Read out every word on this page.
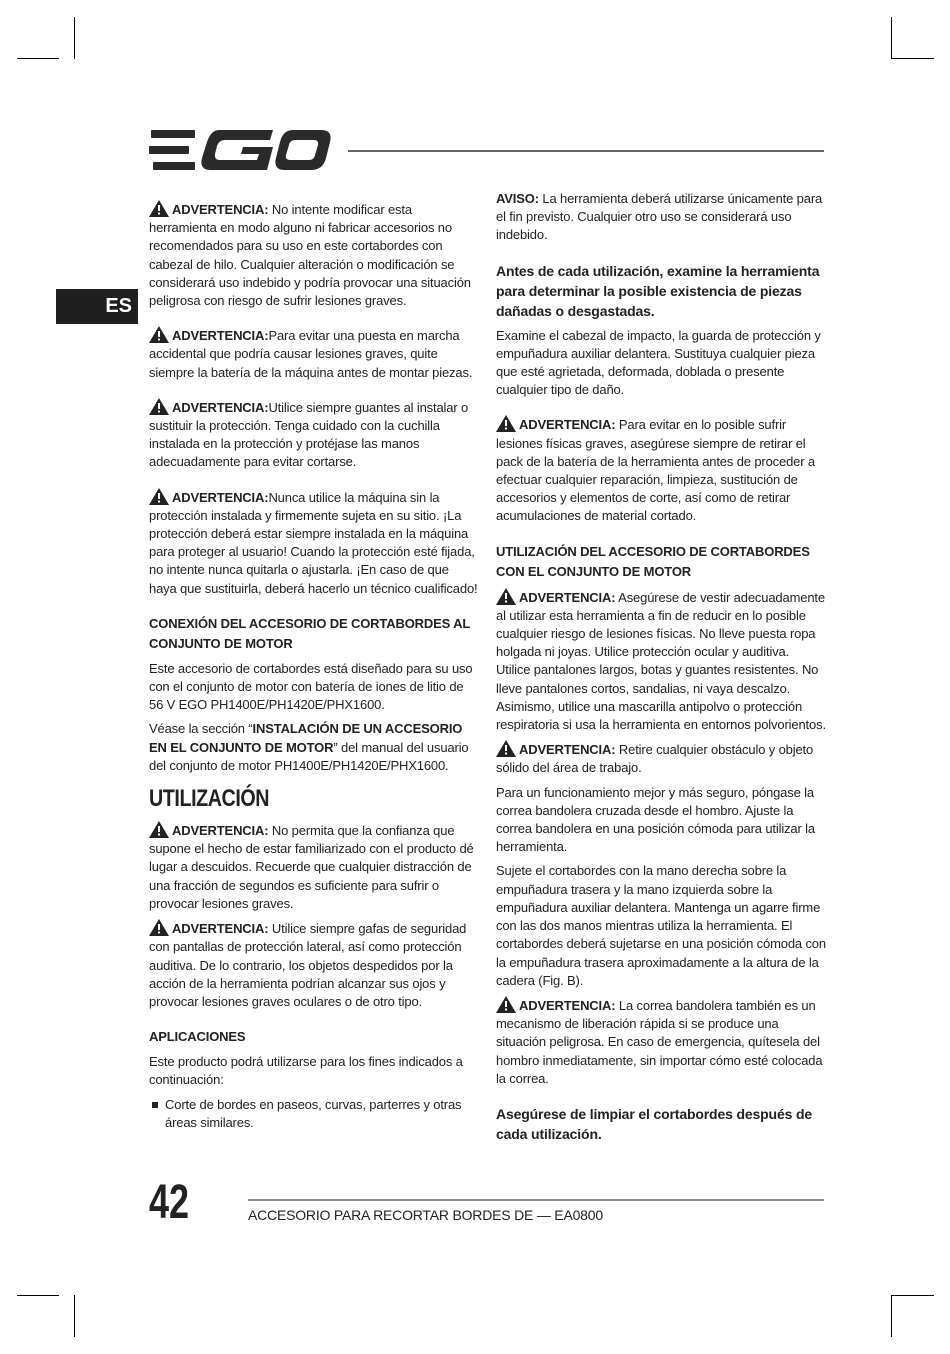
ES

ADVERTENCIA: No intente modificar esta herramienta en modo alguno ni fabricar accesorios no recomendados para su uso en este cortabordes con cabezal de hilo. Cualquier alteración o modificación se considerará uso indebido y podría provocar una situación peligrosa con riesgo de sufrir lesiones graves.

ADVERTENCIA:Para evitar una puesta en marcha accidental que podría causar lesiones graves, quite siempre la batería de la máquina antes de montar piezas.

ADVERTENCIA:Utilice siempre guantes al instalar o sustituir la protección. Tenga cuidado con la cuchilla instalada en la protección y protéjase las manos adecuadamente para evitar cortarse.

ADVERTENCIA:Nunca utilice la máquina sin la protección instalada y firmemente sujeta en su sitio. ¡La protección deberá estar siempre instalada en la máquina para proteger al usuario! Cuando la protección esté fijada, no intente nunca quitarla o ajustarla. ¡En caso de que haya que sustituirla, deberá hacerlo un técnico cualificado!

CONEXIÓN DEL ACCESORIO DE CORTABORDES AL CONJUNTO DE MOTOR

Este accesorio de cortabordes está diseñado para su uso con el conjunto de motor con batería de iones de litio de 56 V EGO PH1400E/PH1420E/PHX1600.

Véase la sección “INSTALACIÓN DE UN ACCESORIO EN EL CONJUNTO DE MOTOR” del manual del usuario del conjunto de motor PH1400E/PH1420E/PHX1600.

UTILIZACIÓN

ADVERTENCIA: No permita que la confianza que supone el hecho de estar familiarizado con el producto dé lugar a descuidos. Recuerde que cualquier distracción de una fracción de segundos es suficiente para sufrir o provocar lesiones graves.

ADVERTENCIA: Utilice siempre gafas de seguridad con pantallas de protección lateral, así como protección auditiva. De lo contrario, los objetos despedidos por la acción de la herramienta podrían alcanzar sus ojos y provocar lesiones graves oculares o de otro tipo.

APLICACIONES

Este producto podrá utilizarse para los fines indicados a continuación:

Corte de bordes en paseos, curvas, parterres y otras áreas similares.

AVISO: La herramienta deberá utilizarse únicamente para el fin previsto. Cualquier otro uso se considerará uso indebido.

Antes de cada utilización, examine la herramienta para determinar la posible existencia de piezas dañadas o desgastadas.

Examine el cabezal de impacto, la guarda de protección y empuñadura auxiliar delantera. Sustituya cualquier pieza que esté agrietada, deformada, doblada o presente cualquier tipo de daño.

ADVERTENCIA: Para evitar en lo posible sufrir lesiones físicas graves, asegúrese siempre de retirar el pack de la batería de la herramienta antes de proceder a efectuar cualquier reparación, limpieza, sustitución de accesorios y elementos de corte, así como de retirar acumulaciones de material cortado.

UTILIZACIÓN DEL ACCESORIO DE CORTABORDES CON EL CONJUNTO DE MOTOR

ADVERTENCIA: Asegúrese de vestir adecuadamente al utilizar esta herramienta a fin de reducir en lo posible cualquier riesgo de lesiones físicas. No lleve puesta ropa holgada ni joyas. Utilice protección ocular y auditiva. Utilice pantalones largos, botas y guantes resistentes. No lleve pantalones cortos, sandalias, ni vaya descalzo. Asimismo, utilice una mascarilla antipolvo o protección respiratoria si usa la herramienta en entornos polvorientos.

ADVERTENCIA: Retire cualquier obstáculo y objeto sólido del área de trabajo.

Para un funcionamiento mejor y más seguro, póngase la correa bandolera cruzada desde el hombro. Ajuste la correa bandolera en una posición cómoda para utilizar la herramienta.

Sujete el cortabordes con la mano derecha sobre la empuñadura trasera y la mano izquierda sobre la empuñadura auxiliar delantera. Mantenga un agarre firme con las dos manos mientras utiliza la herramienta. El cortabordes deberá sujetarse en una posición cómoda con la empuñadura trasera aproximadamente a la altura de la cadera (Fig. B).

ADVERTENCIA: La correa bandolera también es un mecanismo de liberación rápida si se produce una situación peligrosa. En caso de emergencia, quítesela del hombro inmediatamente, sin importar cómo esté colocada la correa.

Asegúrese de limpiar el cortabordes después de cada utilización.
42	ACCESORIO PARA RECORTAR BORDES DE — EA0800
